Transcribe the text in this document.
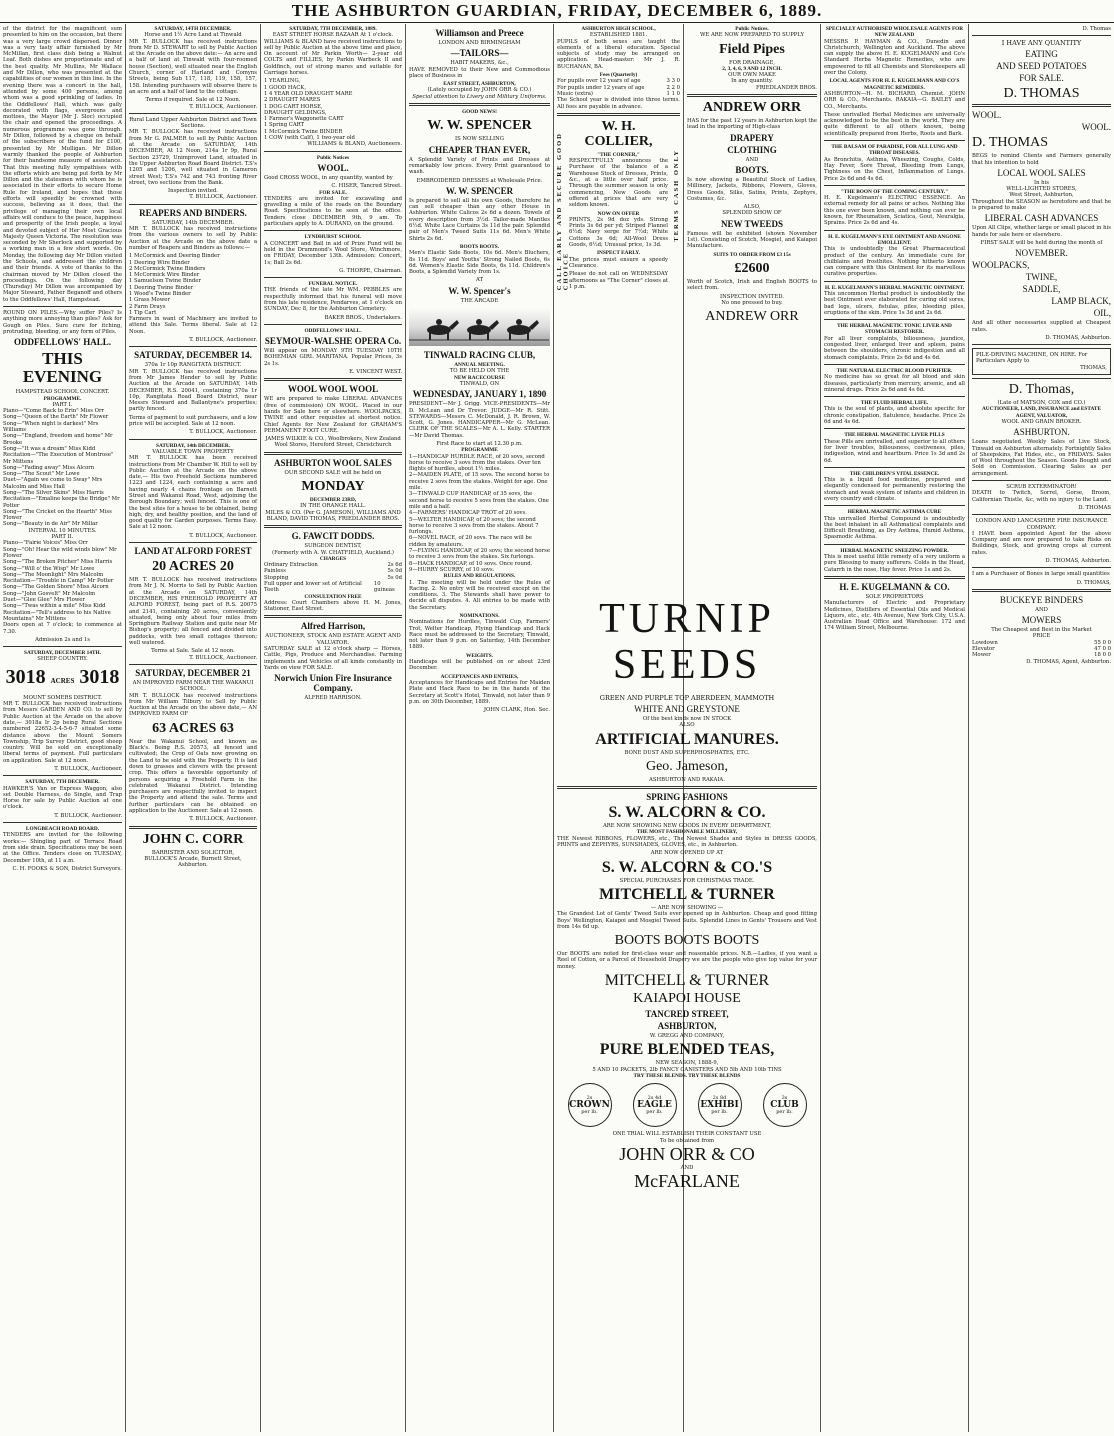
THE ASHBURTON GUARDIAN, FRIDAY, DECEMBER 6, 1889.

of the district for the magnificent sum presented to him on the occasion, but there was a very large crowd dispersed. Dinner was a very tasty affair furnished by Mr McMillan, first class dish being a Walnut Loaf. Both dishes are proportionate and of the best quality. Mr Mullins, Mr Wallace and Mr Dillon, who was presented at the capabilities of our women in this line. In the evening there was a concert in the hall, attended by some 400 persons, among whom was a good sprinkling of ladies. In the Oddfellows' Hall, which was gaily decorated with flags, evergreens and mottoes, the Mayor (Mr J. Sloc) occupied the chair and opened the proceedings. A numerous programme was gone through. Mr Dillon, followed by a cheque on behalf of the subscribers of the fund for £100, presented by Mr Mulligan. Mr Dillon warmly thanked the people of Ashburton for their handsome measure of assistance. That this meeting fully sympathises with the efforts which are being put forth by Mr Dillon and the statesmen with whom he is associated in their efforts to secure Home Rule for Ireland, and hopes that those efforts will speedily be crowned with success, believing as it does, that the privilege of managing their own local affairs will conduce to the peace, happiness and prosperity of the Irish people, a loyal and devoted subject of Her Most Gracious Majesty Queen Victoria. The resolution was seconded by Mr Sherlock and supported by a working man in a few short words. On Monday, the following day Mr Dillon visited the Schools, and addressed the children and their friends. A vote of thanks to the chairman moved by Mr Dillon closed the proceedings. On the following day (Thursday) Mr Dillon was accompanied by Major Steward, Father Beganoff and others to the Oddfellows' Hall, Hampstead.

ROUND ON PILES.—Why suffer Piles? Is anything more annoying than piles? Ask for Gough on Piles. Sure cure for itching, protruding, bleeding, or any form of Piles.

ODDFELLOWS' HALL.
THIS EVENING
HAMPSTEAD SCHOOL CONCERT.
PROGRAMME.
PART I.
Piano—"Come Back to Erin" Miss Orr
Song—"Queen of the Earth" Mr Flower
Song—"When night is darkest" Mrs Williams
Song—"England, freedom and home" Mr Brooke
Song—"It was a dream" Miss Kidd
Recitation—"The Execution of Montrose" Mr Mittens
Song—"Fading away" Miss Alcorn
Song—"The Scout" Mr Lowe
Duet—"Again we come to Sway" Mrs Malcolm and Miss Hall
Song—"The Silver Skins" Miss Harris
Recitation—"Emaline keeps the Bridge" Mr Potter
Song—"The Cricket on the Hearth" Miss Flower
Song—"Beauty in de Air" Mr Millar
INTERVAL 10 MINUTES.
PART II.
Piano—"Fairie Voices" Miss Orr
Song—"Oh! Hear the wild winds blow" Mr Flower
Song—"The Broken Pitcher" Miss Harris
Song—"Will o' the Wisp" Mr Lowe
Song—"The Moonlight" Mrs Malcolm
Recitation—"Trouble in Camp" Mr Potter
Song—"The Golden Shore" Miss Alcorn
Song—"John Gosvelt" Mr Malcolm
Duet—"Glee Glee" Mrs Flower
Song—"Twas within a mile" Miss Kidd
Recitation—"Tell's address to his Native Mountains" Mr Mittens

Doors open at 7 o'clock; to commence at 7.30.

Admission 2s and 1s
SATURDAY, DECEMBER 14TH.
SHEEP COUNTRY.
3018 ACRES 3018
MOUNT SOMERS DISTRICT.

MR T. BULLOCK has received instructions from Messrs GARDEN AND CO. to sell by Public Auction at the Arcade on the above date,— 3018a Ir 2p being Rural Sections numbered 22652-3-4-5-6-7 situated some distance above the Mount Somers Township, Trip Survey District, good sheep country. Will be sold on exceptionally liberal terms of payment. Full particulars on application. Sale at 12 noon.

T. BULLOCK, Auctioneer.
SATURDAY, 7TH DECEMBER.

HAWKER'S Van or Express Waggon, also set Double Harness, do Single, and Trap Horse for sale by Public Auction at one o'clock.

T. BULLOCK, Auctioneer.
LONGBEACH ROAD BOARD.

TENDERS are invited for the following works:— Shingling part of Terrace Road from side drain. Specifications may be seen at the Office. Tenders close on TUESDAY, December 10th, at 11 a.m.

C. H. FOOKS & SON, District Surveyors.
SATURDAY, 14TH DECEMBER.
Horse and 1½ Acre Land at Tinwald

MR T. BULLOCK has received instructions from Mr D. STEWART to sell by Public Auction at the Arcade on the above date:— An acre and a half of land at Tinwald with four-roomed house (Section), well situated near the English Church, corner of Harland and Comyns Streets, being Sub 117, 118, 119, 158, 157, 158. Intending purchasers will observe there is an acre and a half of land to the cottage.

Terms if required. Sale at 12 Noon.
T. BULLOCK, Auctioneer.
Rural Land Upper Ashburton District and Town Sections.

MR T. BULLOCK has received instructions from Mr G. PALMER to sell by Public Auction at the Arcade on SATURDAY, 14th DECEMBER, At 12 Noon, 214a 1r 9p, Rural Section 23729, Unimproved Land, situated in the Upper Ashburton Road Board District. T.S's 1205 and 1206, well situated in Cameron street West; T.S's 742 and 743 fronting River street, two sections from the Bank.

Inspection invited.
T. BULLOCK, Auctioneer.
REAPERS AND BINDERS.
SATURDAY, 14th DECEMBER.

MR T. BULLOCK has received instructions from the various owners to sell by Public Auction at the Arcade on the above date a number of Reapers and Binders as follows:—

1 McCormick and Deering Binder
1 Deering Wire Binder
2 McCormick Twine Binders
1 McCormick Wire Binder
1 Samuelson Twine Binder
1 Deering Twine Binder
1 Wood's Twine Binder
1 Grass Mower
2 Farm Drays
1 Tip Cart

Farmers in want of Machinery are invited to attend this Sale. Terms liberal. Sale at 12 Noon.

T. BULLOCK, Auctioneer.
SATURDAY, DECEMBER 14.
370a 1r 10p RANGITATA DISTRICT.

MR T. BULLOCK has received instructions from Mr James Hender to sell by Public Auction at the Arcade on SATURDAY, 14th DECEMBER, R.S. 20041, containing 370a 1r 10p, Rangitata Road Board District, near Messrs Steward and Ballantyne's properties; partly fenced.

Terms of payment to suit purchasers, and a low price will be accepted. Sale at 12 noon.

T. BULLOCK, Auctioneer.
SATURDAY, 14th DECEMBER.
VALUABLE TOWN PROPERTY

MR T. BULLOCK has been received instructions from Mr Chamber W. Hill to sell by Public Auction at the Arcade on the above date,— His two Freehold Sections numbered 1223 and 1224, each containing a acre and having nearly 4 chains frontage on Barnett Street and Wakanui Road, West, adjoining the Borough Boundary; well fenced. This is one of the best sites for a house to be obtained, being high, dry, and healthy position, and the land of good quality for Garden purposes. Terms Easy. Sale at 12 noon.

T. BULLOCK, Auctioneer.
LAND AT ALFORD FOREST
20 ACRES 20

MR T. BULLOCK has received instructions from Mr J. N. Morris to Sell by Public Auction at the Arcade on SATURDAY, 14th DECEMBER, HIS FREEHOLD PROPERTY AT ALFORD FOREST, being part of R.S. 20075 and 2141, containing 20 acres, conveniently situated, being only about four miles from Springburn Railway Station and quite near Mr Bishop's property; all fenced and divided into paddocks, with two small cottages thereon; well watered.

Terms at Sale. Sale at 12 noon.
T. BULLOCK, Auctioneer.
SATURDAY, DECEMBER 21
AN IMPROVED FARM NEAR THE WAKANUI SCHOOL.

MR T. BULLOCK has received instructions from Mr William Tilbury to Sell by Public Auction at the Arcade on the above date,— AN IMPROVED FARM OF

63 ACRES 63

Near the Wakanui School, and known as Black's. Being R.S. 20573, all fenced and cultivated; the Crop of Oats now growing on the Land to be sold with the Property. It is laid down to grasses and clovers with the present crop. This offers a favorable opportunity of persons acquiring a Freehold Farm in the celebrated Wakanui District. Intending purchasers are respectfully invited to inspect the Property and attend the sale. Terms and further particulars can be obtained on application to the Auctioneer. Sale at 12 noon.

T. BULLOCK, Auctioneer.
JOHN C. CORR
BARRISTER AND SOLICITOR,
BULLOCK'S Arcade, Burnett Street, Ashburton.
SATURDAY, 7TH DECEMBER, 1889.
EAST STREET HORSE BAZAAR At 1 o'clock.

WILLIAMS & BLAND have received instructions to sell by Public Auction at the above time and place, On account of Mr Parkin Worth— 2-year old COLTS and FILLIES, by Parkin Warbeck II and Goldfinch, out of strong mares and suitable for Carriage horses.

1 YEARLING,
1 GOOD HACK,
1 4 YEAR OLD DRAUGHT MARE
2 DRAUGHT MARES
1 DOG CART HORSE,
DRAUGHT GELDINGS,
1 Farmer's Waggonette CART
1 Spring CART
1 McCormick Twine BINDER
1 COW (with Calf), 1 two-year old
WILLIAMS & BLAND, Auctioneers.
Public Notices
WOOL.

Good CROSS WOOL, in any quantity, wanted by

C. HISER, Tancred Street.
FOR SALE.

TENDERS are invited for excavating and gravelling a mile of the roads on the Boundary Road. Specifications to be seen at the office. Tenders close DECEMBER 9th, 9 am. To particulars apply to A. DURAND, on the ground.

LYNDHURST SCHOOL

A CONCERT and Ball in aid of Prize Fund will be held in the Drummond's Wool Store, Winchmore, on FRIDAY, December 13th. Admission: Concert, 1s; Ball 2s 6d.

G. THORPE, Chairman.
FUNERAL NOTICE.

THE friends of the late Mr WM. PEBBLES are respectfully informed that his funeral will move from his late residence, Pendarves, at 1 o'clock on SUNDAY, Dec 8, for the Ashburton Cemetery.

BAKER BROS., Undertakers.
ODDFELLOWS' HALL.
SEYMOUR-WALSHE OPERA Co.

Will appear on MONDAY 9TH TUESDAY 10TH BOHEMIAN GIRL MARITANA. Popular Prices, 3s 2s 1s.

E. VINCENT WEST.
WOOL WOOL WOOL

WE are prepared to make LIBERAL ADVANCES (free of commission) ON WOOL. Placed in our hands for Sale here or elsewhere. WOOLPACKS, TWINE and other requisites at shortest notice. Chief Agents for New Zealand for GRAHAM'S PERMANENT FOOT CURE.

JAMES WILKIE & CO., Woolbrokers, New Zealand Wool Stores, Hereford Street, Christchurch
ASHBURTON WOOL SALES
OUR SECOND SALE will be held on
MONDAY
DECEMBER 23RD,
IN THE ORANGE HALL.
MILES & CO. (Per G. JAMESON), WILLIAMS AND BLAND, DAVID THOMAS, FRIEDLANDER BROS.
G. FAWCIT DODDS.
SURGEON DENTIST,
(Formerly with A. W. CHATFIELD, Auckland.)
CHARGES
Ordinary Extraction	2s 6d
Painless	5s 0d
Stopping	5s 0d
Full upper and lower set of Artificial Teeth
10 guineas
CONSULTATION FREE

Address: Court Chambers above H. M. Jones, Stationer, East Street.

Alfred Harrison,
AUCTIONEER, STOCK AND ESTATE AGENT AND VALUATOR.

SATURDAY SALE at 12 o'clock sharp — Horses, Cattle, Pigs, Produce and Merchandise. Farming implements and Vehicles of all kinds constantly in Yards on view FOR SALE.

Norwich Union Fire Insurance Company.
ALFRED HARRISON.
Williamson and Preece
LONDON AND BIRMINGHAM
—TAILORS—
HABIT MAKERS, &c.,

HAVE REMOVED to their New and Commodious place of Business in

EAST STREET, ASHBURTON,
(Lately occupied by JOHN ORR & CO.)
Special attention to Livery and Military Uniforms.
GOOD NEWS!
W. W. SPENCER
IS NOW SELLING
CHEAPER THAN EVER,

A Splendid Variety of Prints and Dresses at remarkably low prices. Every Print guaranteed to wash.

EMBROIDERED DRESSES at Wholesale Price.
W. W. SPENCER

Is prepared to sell all his own Goods, therefore he can sell cheaper than any other House in Ashburton. White Calicos 2s 6d a dozen. Towels of every description from 3½d. Tailor-made Mantles 6½d. White Lace Curtains 3s 11d the pair. Splendid pair of Men's Tweed Suits 11s 6d. Men's White Shirts 2s 6d.

BOOTS BOOTS.

Men's Elastic Side Boots, 10s 6d. Men's Bluchers, 8s 11d. Boys' and Youths' Strong Nailed Boots, 6s 6d. Women's Elastic Side Boots, 6s 11d. Children's Boots, a Splendid Variety from 1s.

AT
W. W. Spencer's
THE ARCADE
TINWALD RACING CLUB,
ANNUAL MEETING.
TO BE HELD ON THE
NEW RACECOURSE
TINWALD, ON
WEDNESDAY, JANUARY 1, 1890

PRESIDENT—Mr J. Grigg. VICE-PRESIDENTS—Mr D. McLean and Dr Trevor. JUDGE—Mr R. Stitt. STEWARDS—Messrs C. McDonald, J. R. Brown, W. Scott, G. Jones. HANDICAPPER—Mr G. McLean. CLERK OF THE SCALES—Mr A. L. Kelly. STARTER—Mr David Thomas.

First Race to start at 12.30 p.m.
PROGRAMME
1—HANDICAP HURDLE RACE, of 20 sovs, second horse to receive 3 sovs from the stakes. Over ten flights of hurdles, about 1½ miles.
2—MAIDEN PLATE, of 15 sovs. The second horse to receive 2 sovs from the stakes. Weight for age. One mile.
3—TINWALD CUP HANDICAP, of 35 sovs, the second horse to receive 5 sovs from the stakes. One mile and a half.
4—FARMERS' HANDICAP TROT of 20 sovs.
5—WELTER HANDICAP, of 20 sovs; the second horse to receive 3 sovs from the stakes. About 7 furlongs.
6—NOVEL RACE, of 20 sovs. The race will be ridden by amateurs.
7—FLYING HANDICAP, of 20 sovs; the second horse to receive 3 sovs from the stakes. Six furlongs.
8—HACK HANDICAP, of 10 sovs. Once round.
9—HURRY SCURRY, of 10 sovs.
RULES AND REGULATIONS.

1. The meeting will be held under the Rules of Racing. 2. No entry will be received except on the conditions. 3. The Stewards shall have power to decide all disputes. 4. All entries to be made with the Secretary.

NOMINATIONS.

Nominations for Hurdles, Tinwald Cup, Farmers' Trot, Welter Handicap, Flying Handicap and Hack Race must be addressed to the Secretary, Tinwald, not later than 9 p.m. on Saturday, 14th December 1889.

WEIGHTS.

Handicaps will be published on or about 23rd December.

ACCEPTANCES AND ENTRIES,

Acceptances for Handicaps and Entries for Maiden Plate and Hack Race to be in the hands of the Secretary at Scott's Hotel, Tinwald, not later than 9 p.m. on 30th December, 1889.

JOHN CLARK, Hon. Sec.
ASHBURTON HIGH SCHOOL,
ESTABLISHED 1881.

PUPILS of both sexes are taught the elements of a liberal education. Special subjects of study may be arranged on application. Head-master: Mr J. R. BUCHANAN, BA.

Fees (Quarterly)
For pupils over 12 years of age	3 3 0
For pupils under 12 years of age	2 2 0
Music (extra)	1 1 0

The School year is divided into three terms. All fees are payable in advance.

CALL EARLY AND SECURE GOOD CHOICE
TERMS CASH ONLY
W. H. COLLIER,
"THE CORNER,"

RESPECTFULLY announces the Purchase of the balance of a Warehouse Stock of Dresses, Prints, &c., at a little over half price. Through the summer season is only commencing, New Goods are offered at prices that are very seldom known.

NOW ON OFFER

PRINTS, 2s 9d doz yds. Strong Prints 3s 6d per yd; Striped Flannel 6½d; Navy serge for 7½d; White Cottons 3s 6d; All-Wool Dress Goods, 6½d; Unusual price, 1s 3d.

INSPECT EARLY.

The prices must ensure a speedy Clearance.

Please do not call on WEDNESDAY afternoons as "The Corner" closes at 1 p.m.

Public Notices.
WE ARE NOW PREPARED TO SUPPLY
Field Pipes
FOR DRAINAGE,
2, 3, 4, 6, 9 AND 12 INCH.
OUR OWN MAKE
In any quantity.
FRIEDLANDER BROS.
ANDREW ORR

HAS for the past 12 years in Ashburton kept the lead in the importing of High-class

DRAPERY
CLOTHING
AND
BOOTS.

Is now showing a Beautiful Stock of Ladies, Millinery, Jackets, Ribbons, Flowers, Gloves, Dress Goods, Silks, Satins, Prints, Zephyrs, Costumes, &c.

ALSO,
SPLENDID SHOW OF
NEW TWEEDS

Famous will be exhibited (shown November 1st). Consisting of Scotch, Mosgiel, and Kaiapoi Manufacture.

SUITS TO ORDER FROM £3 15s
£2600

Worth of Scotch, Irish and English BOOTS to select from.

INSPECTION INVITED.
No one pressed to buy.
ANDREW ORR
TURNIP SEEDS
GREEN AND PURPLE TOP ABERDEEN, MAMMOTH
WHITE AND GREYSTONE
Of the best kinds now IN STOCK
ALSO
ARTIFICIAL MANURES.
BONE DUST AND SUPERPHOSPHATES, ETC.
Geo. Jameson,
ASHBURTON AND RAKAIA.
SPRING FASHIONS
S. W. ALCORN & CO.
ARE NOW SHOWING NEW GOODS IN EVERY DEPARTMENT,
THE MOST FASHIONABLE MILLINERY,

THE Newest RIBBONS, FLOWERS, etc., The Newest Shades and Styles in DRESS GOODS, PRINTS and ZEPHYRS, SUNSHADES, GLOVES, etc., in Ashburton.

ARE NOW OPENED UP AT
S. W. ALCORN & CO.'S
SPECIAL PURCHASES FOR CHRISTMAS TRADE.
MITCHELL & TURNER
— ARE NOW SHOWING —

The Grandest Lot of Gents' Tweed Suits ever opened up in Ashburton. Cheap and good fitting Boys' Wellington, Kaiapoi and Mosgiel Tweed Suits. Splendid Lines in Gents' Trousers and Vest from 14s 6d up.

BOOTS BOOTS BOOTS

Our BOOTS are noted for first-class wear and reasonable prices. N.B.—Ladies, if you want a Reel of Cotton, or a Parcel of Household Drapery we are the people who give top value for your money.

MITCHELL & TURNER
KAIAPOI HOUSE
TANCRED STREET,
ASHBURTON,
W. GREGG AND COMPANY,
PURE BLENDED TEAS,
NEW SEASON, 1888-9,
5 AND 10 PACKETS, 2lb FANCY CANISTERS AND 5lb AND 10lb TINS
TRY THESE BLENDS. TRY THESE BLENDS
2s
CROWN
per lb.
2s 4d
EAGLE
per lb.
2s 8d
EXHIBI
per lb.
3s
CLUB
per lb.
ONE TRIAL WILL ESTABLISH THEIR CONSTANT USE
To be obtained from
JOHN ORR & CO
AND
McFARLANE
SPECIALLY AUTHORISED WHOLESALE AGENTS FOR NEW ZEALAND

MESSRS P. HAYMAN & CO., Dunedin and Christchurch, Wellington and Auckland. The above can supply the above H. E. KUGELMANN and Co's Standard Herba Magnetic Remedies, who are empowered to fill all Chemists and Storekeepers all over the Colony.

LOCAL AGENTS FOR H. E. KUGELMANN AND CO'S MAGNETIC REMEDIES.

ASHBURTON—H. M. BICHARD, Chemist. JOHN ORR & CO., Merchants. RAKAIA—G. BAILEY and CO., Merchants.

These unrivalled Herbal Medicines are universally acknowledged to be the best in the world. They are quite different to all others known, being scientifically prepared from Herbs, Roots and Bark.

THE BALSAM OF PARADISE, FOR ALL LUNG AND THROAT DISEASES.

As Bronchitis, Asthma, Wheezing, Coughs, Colds, Hay Fever, Sore Throat, Bleeding from Lungs, Tightness on the Chest, Inflammation of Lungs. Price 2s 6d and 4s 6d.

"THE BOON OF THE COMING CENTURY."

H. E. Kugelmann's ELECTRIC ESSENCE. An external remedy for all pains or aches. Nothing like this one ever been known, and nothing can ever be known, for Rheumatism, Sciatica, Gout, Neuralgia, Sprains. Price 2s 6d and 4s.

H. E. KUGELMANN'S EYE OINTMENT AND ANGONE EMOLLIENT.

This is undoubtedly the Great Pharmaceutical product of the century. An immediate cure for chilblains and frostbites. Nothing hitherto known can compare with this Ointment for its marvellous curative properties.

H. E. KUGELMANN'S HERBAL MAGNETIC OINTMENT.

This uncommon Herbal product is undoubtedly the best Ointment ever elaborated for curing old sores, bad legs, ulcers, fistulas, piles, bleeding piles, eruptions of the skin. Price 1s 3d and 2s 6d.

THE HERBAL MAGNETIC TONIC LIVER AND STOMACH RESTORER.

For all liver complaints, biliousness, jaundice, congested liver, enlarged liver and spleen, pains between the shoulders, chronic indigestion and all stomach complaints. Price 2s 6d and 4s 6d.

THE NATURAL ELECTRIC BLOOD PURIFIER.

No medicine has so great for all blood and skin diseases, particularly from mercury, arsenic, and all mineral drugs. Price 2s 6d and 4s 6d.

THE FLUID HERBAL LIFE.

This is the soul of plants, and absolute specific for chronic constipation, flatulence, headache. Price 2s 6d and 4s 6d.

THE HERBAL MAGNETIC LIVER PILLS

These Pills are unrivalled, and superior to all others for liver troubles, biliousness, costiveness, piles, indigestion, wind and heartburn. Price 1s 3d and 2s 6d.

THE CHILDREN'S VITAL ESSENCE.

This is a liquid food medicine, prepared and elegantly condensed for permanently restoring the stomach and weak system of infants and children in every country and climate.

HERBAL MAGNETIC ASTHMA CURE

This unrivalled Herbal Compound is undoubtedly the best inhalant in all Asthmatical complaints and Difficult Breathing, as Dry Asthma, Humid Asthma, Spasmodic Asthma.

HERBAL MAGNETIC SNEEZING POWDER.

This is most useful little remedy of a very uniform a pure Blessing to many sufferers. Colds in the Head, Catarrh in the nose, Hay fever. Price 1s and 2s.

H. E. KUGELMANN & CO.
SOLE PROPRIETORS

Manufacturers of Electric and Proprietary Medicines, Distillers of Essential Oils and Medical Liquors, etc., etc. 4th Avenue, New York City, U.S.A. Australian Head Office and Warehouse: 172 and 174 William Street, Melbourne.

D. Thomas
I HAVE ANY QUANTITY
EATING
AND SEED POTATOES
FOR SALE.
D. THOMAS
WOOL.
WOOL.
D. THOMAS

BEGS to remind Clients and Farmers generally that his intention to hold

LOCAL WOOL SALES
In his
WELL-LIGHTED STORES,
West Street, Ashburton,

Throughout the SEASON as heretofore and that he is prepared to make

LIBERAL CASH ADVANCES

Upon All Clips, whether large or small placed in his hands for sale here or elsewhere.

FIRST SALE will be held during the month of
NOVEMBER.
WOOLPACKS,
TWINE,
SADDLE,
LAMP BLACK,
OIL,

And all other necessaries supplied at Cheapest rates.

D. THOMAS, Ashburton.
PILE-DRIVING MACHINE, ON HIRE. For Particulars Apply to
THOMAS,
D. Thomas,
(Late of MATSON, COX and CO.)
AUCTIONEER, LAND, INSURANCE and ESTATE AGENT, VALUATOR,
WOOL AND GRAIN BROKER.
ASHBURTON.

Loans negotiated. Weekly Sales of Live Stock, Tinwald on Ashburton alternately. Fortnightly Sales of Sheepskins, Fat Hides, etc., on FRIDAYS. Sales of Wool throughout the Season. Goods Bought and Sold on Commission. Clearing Sales as per arrangement.

SCRUB EXTERMINATOR!

DEATH to Twitch, Sorrel, Gorse, Broom, Californian Thistle, &c, with no injury to the Land.

D. THOMAS
LONDON AND LANCASHIRE FIRE INSURANCE COMPANY.

I HAVE been appointed Agent for the above Company and am now prepared to take Risks on Buildings, Stock, and growing crops at current rates.

D. THOMAS, Ashburton.

I am a Purchaser of Bones in large small quantities

D. THOMAS,
BUCKEYE BINDERS
AND
MOWERS
The Cheapest and Best in the Market
PRICE
Lowdown	55 0 0
Elevator	47 0 0
Mower	18 0 0
D. THOMAS, Agent, Ashburton.
